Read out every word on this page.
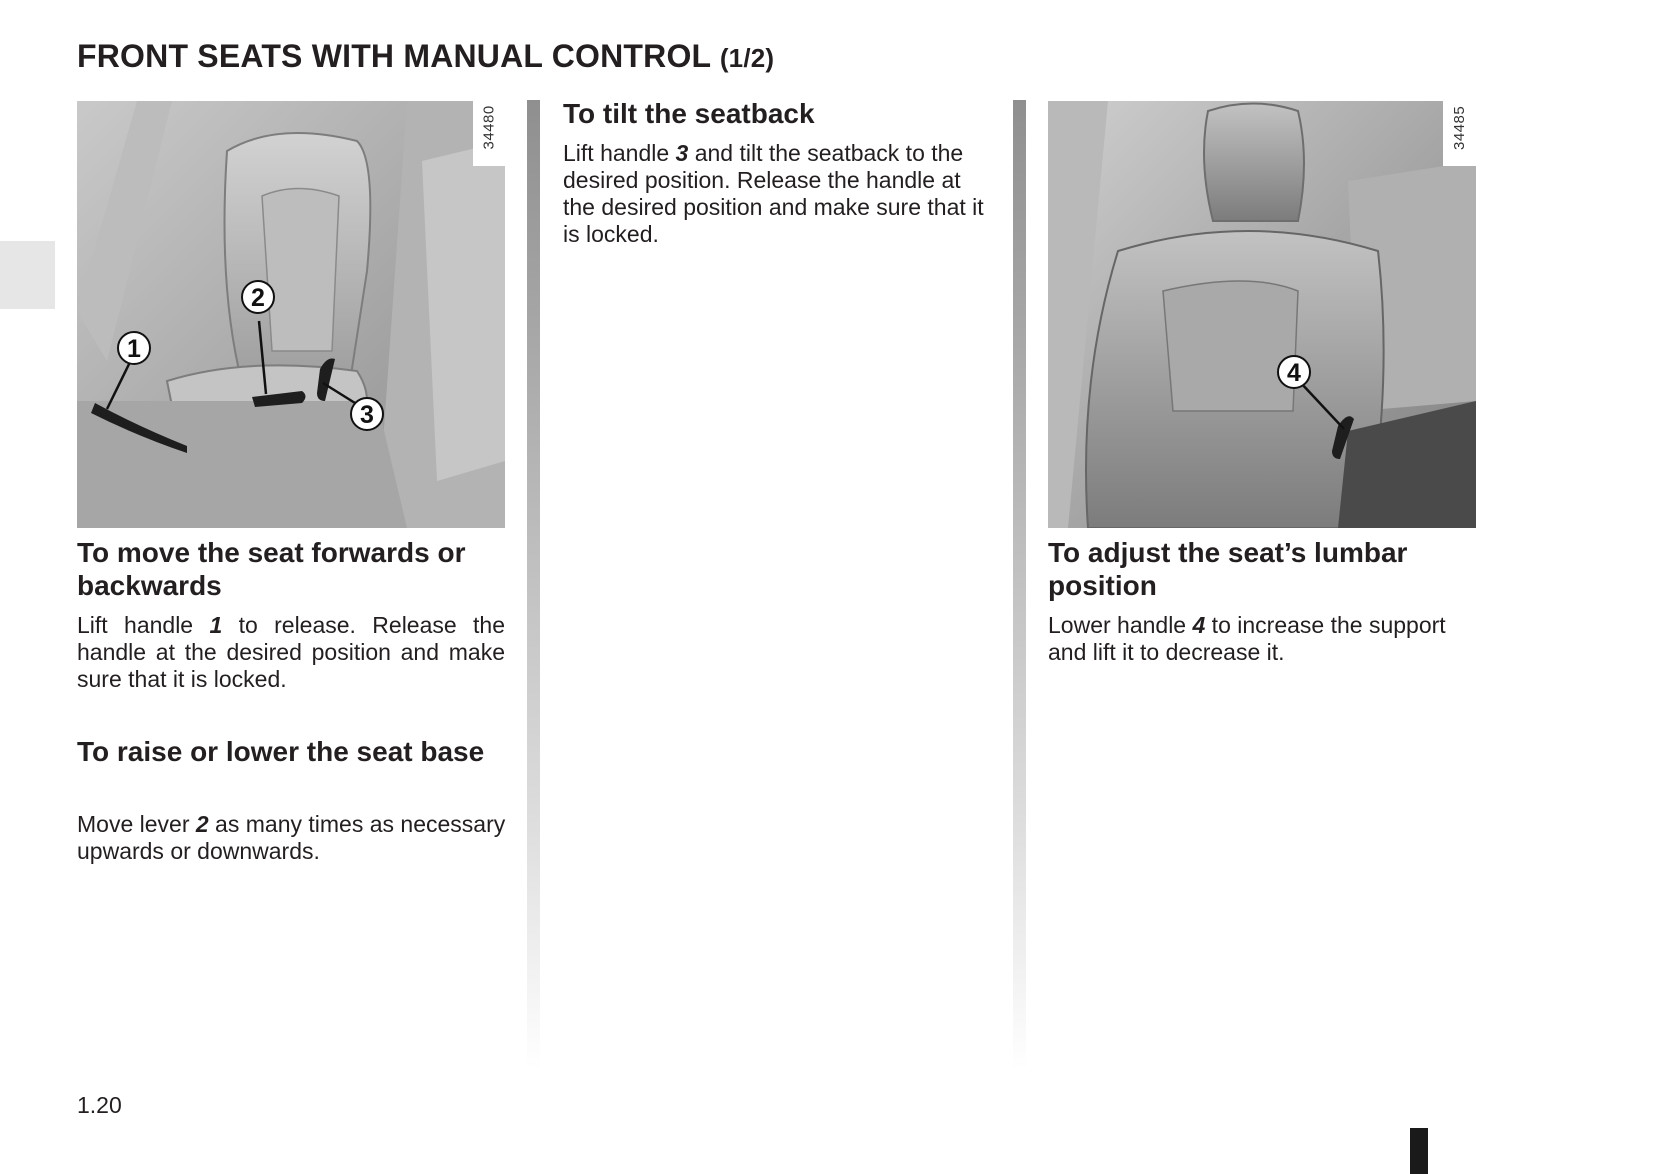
FRONT SEATS WITH MANUAL CONTROL (1/2)
1
2
3
34480
To move the seat forwards or backwards

Lift handle 1 to release. Release the handle at the desired position and make sure that it is locked.

To raise or lower the seat base

Move lever 2 as many times as necessary upwards or downwards.

To tilt the seatback

Lift handle 3 and tilt the seatback to the desired position. Release the handle at the desired position and make sure that it is locked.

4
34485
To adjust the seat’s lumbar position

Lower handle 4 to increase the support and lift it to decrease it.

1.20
